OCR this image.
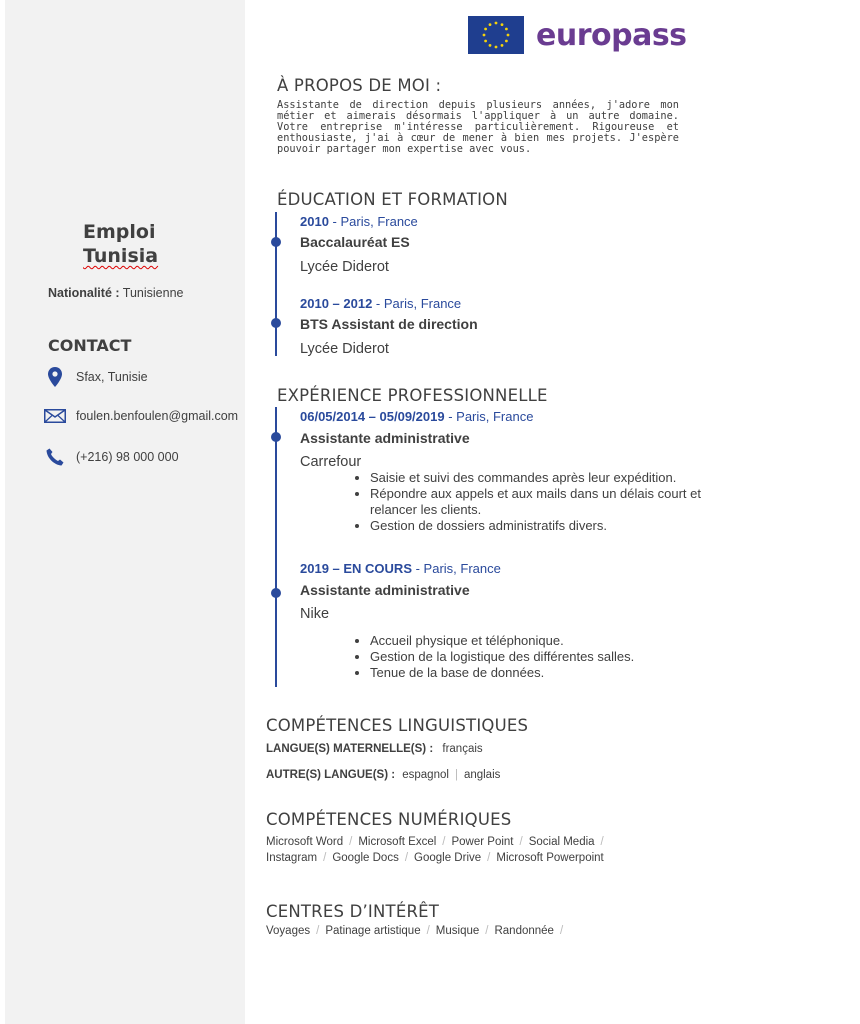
Emploi
Tunisia
Nationalité : Tunisienne
CONTACT
Sfax, Tunisie
foulen.benfoulen@gmail.com
(+216) 98 000 000
europass
À PROPOS DE MOI :
Assistante de direction depuis plusieurs années, j'adore mon métier et aimerais désormais l'appliquer à un autre domaine. Votre entreprise m'intéresse particulièrement. Rigoureuse et enthousiaste, j'ai à cœur de mener à bien mes projets. J'espère pouvoir partager mon expertise avec vous.
ÉDUCATION ET FORMATION
2010 - Paris, France
Baccalauréat ES
Lycée Diderot
2010 – 2012 - Paris, France
BTS Assistant de direction
Lycée Diderot
EXPÉRIENCE PROFESSIONNELLE
06/05/2014 – 05/09/2019 - Paris, France
Assistante administrative
Carrefour
• Saisie et suivi des commandes après leur expédition.
• Répondre aux appels et aux mails dans un délais court et relancer les clients.
• Gestion de dossiers administratifs divers.
2019 – EN COURS - Paris, France
Assistante administrative
Nike
• Accueil physique et téléphonique.
• Gestion de la logistique des différentes salles.
• Tenue de la base de données.
COMPÉTENCES LINGUISTIQUES
LANGUE(S) MATERNELLE(S) : français
AUTRE(S) LANGUE(S) : espagnol | anglais
COMPÉTENCES NUMÉRIQUES
Microsoft Word / Microsoft Excel / Power Point / Social Media /
Instagram / Google Docs / Google Drive / Microsoft Powerpoint
CENTRES D’INTÉRÊT
Voyages / Patinage artistique / Musique / Randonnée /
